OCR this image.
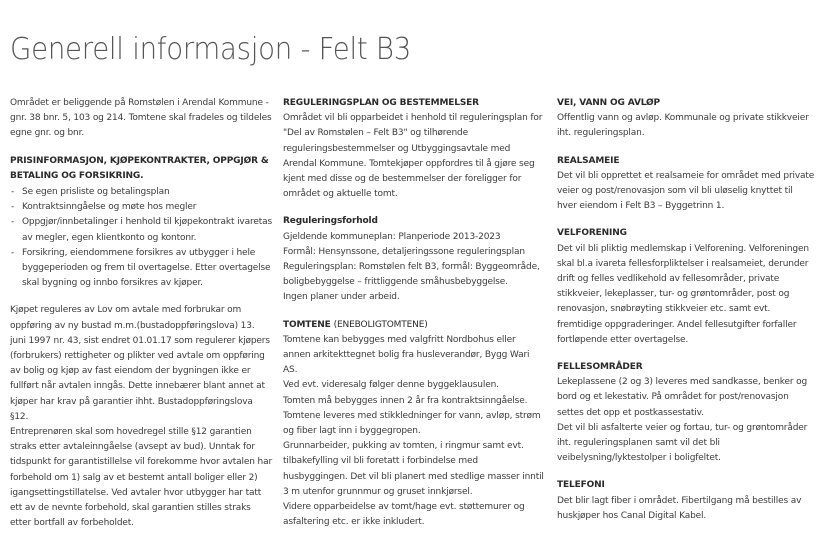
Generell informasjon - Felt B3

Området er beliggende på Romstølen i Arendal Kommune - gnr. 38 bnr. 5, 103 og 214. Tomtene skal fradeles og tildeles egne gnr. og bnr.

PRISINFORMASJON, KJØPEKONTRAKTER, OPPGJØR & BETALING OG FORSIKRING.

- Se egen prisliste og betalingsplan
- Kontraktsinngåelse og møte hos megler
- Oppgjør/innbetalinger i henhold til kjøpekontrakt ivaretas av megler, egen klientkonto og kontonr.
- Forsikring, eiendommene forsikres av utbygger i hele byggeperioden og frem til overtagelse. Etter overtagelse skal bygning og innbo forsikres av kjøper.

Kjøpet reguleres av Lov om avtale med forbrukar om oppføring av ny bustad m.m.(bustadoppføringslova) 13. juni 1997 nr. 43, sist endret 01.01.17 som regulerer kjøpers (forbrukers) rettigheter og plikter ved avtale om oppføring av bolig og kjøp av fast eiendom der bygningen ikke er fullført når avtalen inngås. Dette innebærer blant annet at kjøper har krav på garantier ihht. Bustadoppføringslova §12.

Entreprenøren skal som hovedregel stille §12 garantien straks etter avtaleinngåelse (avsept av bud). Unntak for tidspunkt for garantistillelse vil forekomme hvor avtalen har forbehold om 1) salg av et bestemt antall boliger eller 2) igangsettingstillatelse. Ved avtaler hvor utbygger har tatt ett av de nevnte forbehold, skal garantien stilles straks etter bortfall av forbeholdet.

REGULERINGSPLAN OG BESTEMMELSER

Området vil bli opparbeidet i henhold til reguleringsplan for "Del av Romstølen – Felt B3" og tilhørende reguleringsbestemmelser og Utbyggingsavtale med Arendal Kommune. Tomtekjøper oppfordres til å gjøre seg kjent med disse og de bestemmelser der foreligger for området og aktuelle tomt.

Reguleringsforhold

Gjeldende kommuneplan: Planperiode 2013-2023
Formål: Hensynssone, detaljeringssone reguleringsplan
Reguleringsplan: Romstølen felt B3, formål: Byggeområde, boligbebyggelse – frittliggende småhusbebyggelse.
Ingen planer under arbeid.

TOMTENE (ENEBOLIGTOMTENE)

Tomtene kan bebygges med valgfritt Nordbohus eller annen arkitekttegnet bolig fra husleverandør, Bygg Wari AS.
Ved evt. videresalg følger denne byggeklausulen.
Tomten må bebygges innen 2 år fra kontraktsinngåelse.
Tomtene leveres med stikkledninger for vann, avløp, strøm og fiber lagt inn i byggegropen.
Grunnarbeider, pukking av tomten, i ringmur samt evt. tilbakefylling vil bli foretatt i forbindelse med husbyggingen. Det vil bli planert med stedlige masser inntil 3 m utenfor grunnmur og gruset innkjørsel.
Videre opparbeidelse av tomt/hage evt. støttemurer og asfaltering etc. er ikke inkludert.

VEI, VANN OG AVLØP

Offentlig vann og avløp. Kommunale og private stikkveier iht. reguleringsplan.

REALSAMEIE

Det vil bli opprettet et realsameie for området med private veier og post/renovasjon som vil bli uløselig knyttet til hver eiendom i Felt B3 – Byggetrinn 1.

VELFORENING

Det vil bli pliktig medlemskap i Velforening. Velforeningen skal bl.a ivareta fellesforpliktelser i realsameiet, derunder drift og felles vedlikehold av fellesområder, private stikkveier, lekeplasser, tur- og grøntområder, post og renovasjon, snøbrøyting stikkveier etc. samt evt. fremtidige oppgraderinger. Andel fellesutgifter forfaller fortløpende etter overtagelse.

FELLESOMRÅDER

Lekeplassene (2 og 3) leveres med sandkasse, benker og bord og et lekestativ. På området for post/renovasjon settes det opp et postkassestativ.

Det vil bli asfalterte veier og fortau, tur- og grøntområder iht. reguleringsplanen samt vil det bli veibelysning/lyktestolper i boligfeltet.

TELEFONI

Det blir lagt fiber i området. Fibertilgang må bestilles av huskjøper hos Canal Digital Kabel.
